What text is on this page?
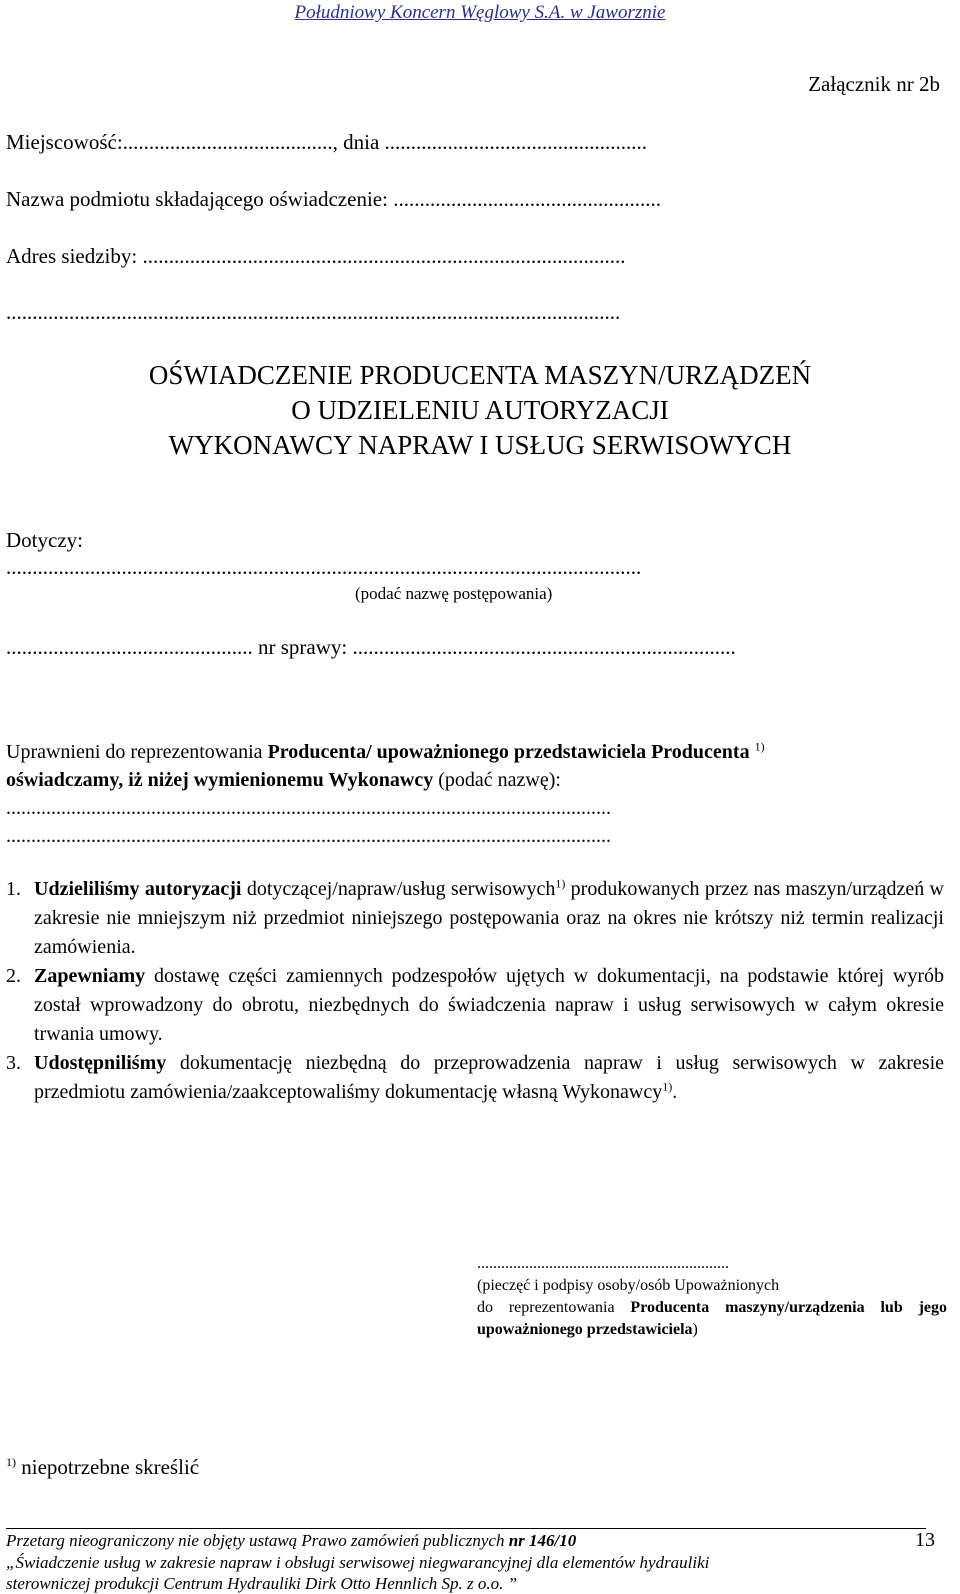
Południowy Koncern Węglowy S.A. w Jaworznie
Załącznik nr 2b
Miejscowość:........................................, dnia ..................................................
Nazwa podmiotu składającego oświadczenie: ...................................................
Adres siedziby: ............................................................................................
.....................................................................................................................
OŚWIADCZENIE PRODUCENTA MASZYN/URZĄDZEŃ
O UDZIELENIU AUTORYZACJI
WYKONAWCY NAPRAW I USŁUG SERWISOWYCH
Dotyczy:
.........................................................................................................................
(podać nazwę postępowania)
............................................... nr sprawy: .........................................................................
Uprawnieni do reprezentowania Producenta/ upoważnionego przedstawiciela Producenta $^{1)}$
oświadczamy, iż niżej wymienionemu Wykonawcy (podać nazwę):
.........................................................................................................................
.........................................................................................................................
1. Udzieliliśmy autoryzacji dotyczącej/napraw/usług serwisowych$^{1)}$ produkowanych przez nas maszyn/urządzeń w zakresie nie mniejszym niż przedmiot niniejszego postępowania oraz na okres nie krótszy niż termin realizacji zamówienia.
2. Zapewniamy dostawę części zamiennych podzespołów ujętych w dokumentacji, na podstawie której wyrób został wprowadzony do obrotu, niezbędnych do świadczenia napraw i usług serwisowych w całym okresie trwania umowy.
3. Udostępniliśmy dokumentację niezbędną do przeprowadzenia napraw i usług serwisowych w zakresie przedmiotu zamówienia/zaakceptowaliśmy dokumentację własną Wykonawcy$^{1)}$.
...............................................................
(pieczęć i podpisy osoby/osób Upoważnionych
do reprezentowania Producenta maszyny/urządzenia lub jego upoważnionego przedstawiciela)
$^{1)}$ niepotrzebne skreślić
Przetarg nieograniczony nie objęty ustawą Prawo zamówień publicznych nr 146/10	13
„Świadczenie usług w zakresie napraw i obsługi serwisowej niegwarancyjnej dla elementów hydrauliki
sterowniczej produkcji Centrum Hydrauliki Dirk Otto Hennlich Sp. z o.o. ”
